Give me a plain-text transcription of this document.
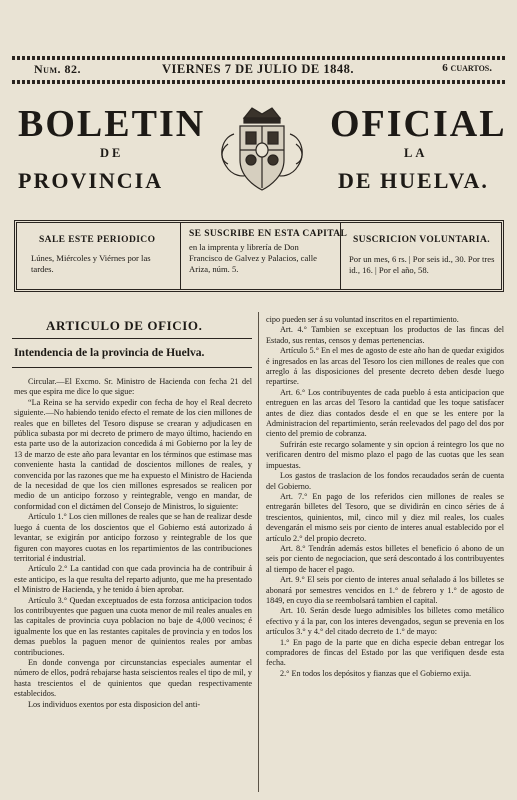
Num. 82.	VIERNES 7 DE JULIO DE 1848.	6 cuartos.
BOLETIN	OFICIAL
DE	LA
PROVINCIA	DE HUELVA.
SALE ESTE PERIODICO
Lúnes, Miércoles y Viérnes por las tardes.
SE SUSCRIBE EN ESTA CAPITAL
en la imprenta y librería de Don Francisco de Galvez y Palacios, calle Ariza, núm. 5.
SUSCRICION VOLUNTARIA.
Por un mes, 6 rs. | Por seis id., 30. Por tres id., 16. | Por el año, 58.
ARTICULO DE OFICIO.
Intendencia de la provincia de Huelva.

Circular.—El Excmo. Sr. Ministro de Hacienda con fecha 21 del mes que espira me dice lo que sigue:

“La Reina se ha servido expedir con fecha de hoy el Real decreto siguiente.—No habiendo tenido efecto el remate de los cien millones de reales que en billetes del Tesoro dispuse se crearan y adjudicasen en pública subasta por mi decreto de primero de mayo último, haciendo en esta parte uso de la autorizacion concedida á mi Gobierno por la ley de 13 de marzo de este año para levantar en los términos que estimase mas conveniente hasta la cantidad de doscientos millones de reales, y convencida por las razones que me ha expuesto el Ministro de Hacienda de la necesidad de que los cien millones espresados se realicen por medio de un anticipo forzoso y reintegrable, vengo en mandar, de conformidad con el dictámen del Consejo de Ministros, lo siguiente:

Artículo 1.° Los cien millones de reales que se han de realizar desde luego á cuenta de los doscientos que el Gobierno está autorizado á levantar, se exigirán por anticipo forzoso y reintegrable de los que figuren con mayores cuotas en los repartimientos de las contribuciones territorial é industrial.

Artículo 2.° La cantidad con que cada provincia ha de contribuir á este anticipo, es la que resulta del reparto adjunto, que me ha presentado el Ministro de Hacienda, y he tenido á bien aprobar.

Artículo 3.° Quedan exceptuados de esta forzosa anticipacion todos los contribuyentes que paguen una cuota menor de mil reales anuales en las capitales de provincia cuya poblacion no baje de 4,000 vecinos; é igualmente los que en las restantes capitales de provincia y en todos los demas pueblos la paguen menor de quinientos reales por ambas contribuciones.

En donde convenga por circunstancias especiales aumentar el número de ellos, podrá rebajarse hasta seiscientos reales el tipo de mil, y hasta trescientos el de quinientos que quedan respectivamente establecidos.

Los individuos exentos por esta disposicion del anti-

cipo pueden ser á su voluntad inscritos en el repartimiento.

Art. 4.° Tambien se exceptuan los productos de las fincas del Estado, sus rentas, censos y demas pertenencias.

Artículo 5.° En el mes de agosto de este año han de quedar exigidos é ingresados en las arcas del Tesoro los cien millones de reales que con arreglo á las disposiciones del presente decreto deben desde luego repartirse.

Art. 6.° Los contribuyentes de cada pueblo á esta anticipacion que entreguen en las arcas del Tesoro la cantidad que les toque satisfacer antes de diez dias contados desde el en que se les entere por la Administracion del repartimiento, serán reelevados del pago del dos por ciento del premio de cobranza.

Sufrirán este recargo solamente y sin opcion á reintegro los que no verificaren dentro del mismo plazo el pago de las cuotas que les sean impuestas.

Los gastos de traslacion de los fondos recaudados serán de cuenta del Gobierno.

Art. 7.° En pago de los referidos cien millones de reales se entregarán billetes del Tesoro, que se dividirán en cinco séries de á trescientos, quinientos, mil, cinco mil y diez mil reales, los cuales devengarán el mismo seis por ciento de interes anual establecido por el artículo 2.° del propio decreto.

Art. 8.° Tendrán además estos billetes el beneficio ó abono de un seis por ciento de negociacion, que será descontado á los contribuyentes al tiempo de hacer el pago.

Art. 9.° El seis por ciento de interes anual señalado á los billetes se abonará por semestres vencidos en 1.° de febrero y 1.° de agosto de 1849, en cuyo dia se reembolsará tambien el capital.

Art. 10. Serán desde luego admisibles los billetes como metálico efectivo y á la par, con los interes devengados, segun se prevenia en los artículos 3.° y 4.° del citado decreto de 1.° de mayo:

1.° En pago de la parte que en dicha especie deban entregar los compradores de fincas del Estado por las que verifiquen desde esta fecha.

2.° En todos los depósitos y fianzas que el Gobierno exija.
